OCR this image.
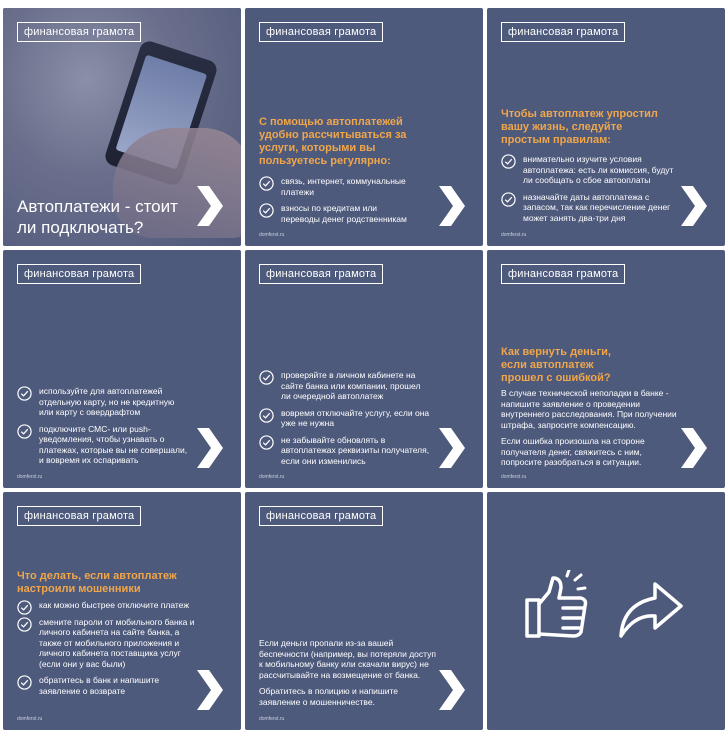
финансовая грамота
Автоплатежи - стоит ли подключать?
финансовая грамота
С помощью автоплатежей удобно рассчитываться за услуги, которыми вы пользуетесь регулярно:
связь, интернет, коммунальные платежи
взносы по кредитам или переводы денег родственникам
domferst.ru
финансовая грамота
Чтобы автоплатеж упростил вашу жизнь, следуйте простым правилам:
внимательно изучите условия автоплатежа: есть ли комиссия, будут ли сообщать о сбое автооплаты
назначайте даты автоплатежа с запасом, так как перечисление денег может занять два-три дня
domferst.ru
финансовая грамота
используйте для автоплатежей отдельную карту, но не кредитную или карту с овердрафтом
подключите СМС- или push-уведомления, чтобы узнавать о платежах, которые вы не совершали, и вовремя их оспаривать
domferst.ru
финансовая грамота
проверяйте в личном кабинете на сайте банка или компании, прошел ли очередной автоплатеж
вовремя отключайте услугу, если она уже не нужна
не забывайте обновлять в автоплатежах реквизиты получателя, если они изменились
domferst.ru
финансовая грамота
Как вернуть деньги, если автоплатеж прошел с ошибкой?

В случае технической неполадки в банке - напишите заявление о проведении внутреннего расследования. При получении штрафа, запросите компенсацию.

Если ошибка произошла на стороне получателя денег, свяжитесь с ним, попросите разобраться в ситуации.

domferst.ru
финансовая грамота
Что делать, если автоплатеж настроили мошенники
как можно быстрее отключите платеж
смените пароли от мобильного банка и личного кабинета на сайте банка, а также от мобильного приложения и личного кабинета поставщика услуг (если они у вас были)
обратитесь в банк и напишите заявление о возврате
domferst.ru
финансовая грамота

Если деньги пропали из-за вашей беспечности (например, вы потеряли доступ к мобильному банку или скачали вирус) не рассчитывайте на возмещение от банка.

Обратитесь в полицию и напишите заявление о мошенничестве.

domferst.ru
